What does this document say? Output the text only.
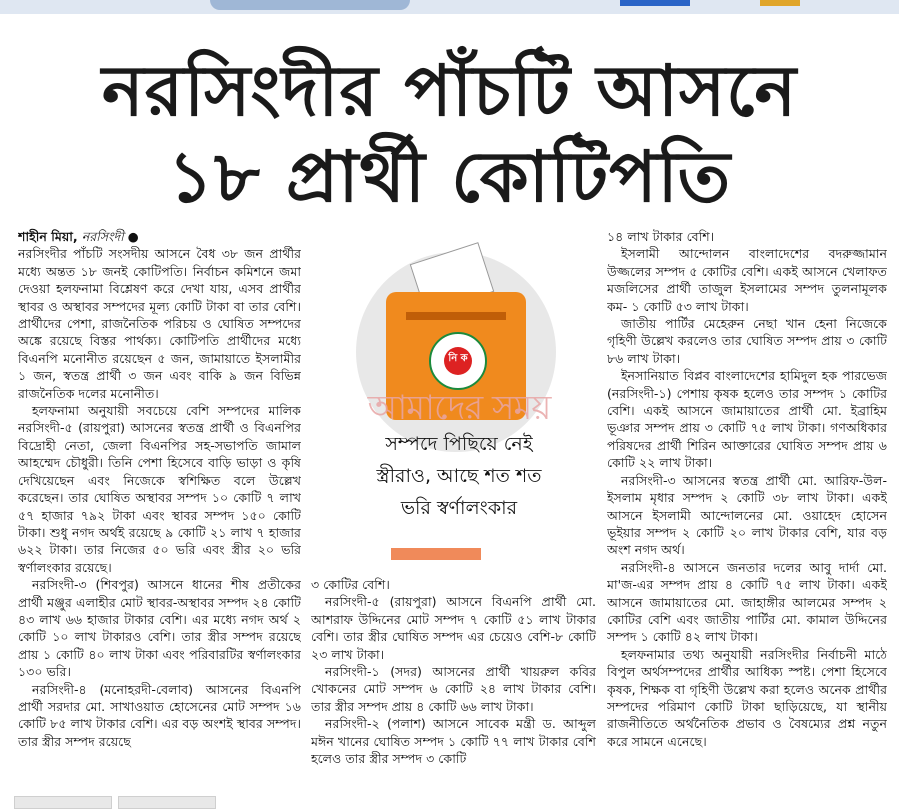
নরসিংদীর পাঁচটি আসনে
১৮ প্রার্থী কোটিপতি

শাহীন মিয়া, নরসিংদী ●

নরসিংদীর পাঁচটি সংসদীয় আসনে বৈধ ৩৮ জন প্রার্থীর মধ্যে অন্তত ১৮ জনই কোটিপতি। নির্বাচন কমিশনে জমা দেওয়া হলফনামা বিশ্লেষণ করে দেখা যায়, এসব প্রার্থীর স্থাবর ও অস্থাবর সম্পদের মূল্য কোটি টাকা বা তার বেশি। প্রার্থীদের পেশা, রাজনৈতিক পরিচয় ও ঘোষিত সম্পদের অঙ্কে রয়েছে বিস্তর পার্থক্য। কোটিপতি প্রার্থীদের মধ্যে বিএনপি মনোনীত রয়েছেন ৫ জন, জামায়াতে ইসলামীর ১ জন, স্বতন্ত্র প্রার্থী ৩ জন এবং বাকি ৯ জন বিভিন্ন রাজনৈতিক দলের মনোনীত।

হলফনামা অনুযায়ী সবচেয়ে বেশি সম্পদের মালিক নরসিংদী-৫ (রায়পুরা) আসনের স্বতন্ত্র প্রার্থী ও বিএনপির বিদ্রোহী নেতা, জেলা বিএনপির সহ-সভাপতি জামাল আহম্মেদ চৌধুরী। তিনি পেশা হিসেবে বাড়ি ভাড়া ও কৃষি দেখিয়েছেন এবং নিজেকে স্বশিক্ষিত বলে উল্লেখ করেছেন। তার ঘোষিত অস্থাবর সম্পদ ১০ কোটি ৭ লাখ ৫৭ হাজার ৭৯২ টাকা এবং স্থাবর সম্পদ ১৫০ কোটি টাকা। শুধু নগদ অর্থই রয়েছে ৯ কোটি ২১ লাখ ৭ হাজার ৬২২ টাকা। তার নিজের ৫০ ভরি এবং স্ত্রীর ২০ ভরি স্বর্ণালংকার রয়েছে।

নরসিংদী-৩ (শিবপুর) আসনে ধানের শীষ প্রতীকের প্রার্থী মঞ্জুর এলাহীর মোট স্থাবর-অস্থাবর সম্পদ ২৪ কোটি ৪৩ লাখ ৬৬ হাজার টাকার বেশি। এর মধ্যে নগদ অর্থ ২ কোটি ১০ লাখ টাকারও বেশি। তার স্ত্রীর সম্পদ রয়েছে প্রায় ১ কোটি ৪০ লাখ টাকা এবং পরিবারটির স্বর্ণালংকার ১৩০ ভরি।

নরসিংদী-৪ (মনোহরদী-বেলাব) আসনের বিএনপি প্রার্থী সরদার মো. সাখাওয়াত হোসেনের মোট সম্পদ ১৬ কোটি ৮৫ লাখ টাকার বেশি। এর বড় অংশই স্থাবর সম্পদ। তার স্ত্রীর সম্পদ রয়েছে

নি ক
আমাদের সময়
সম্পদে পিছিয়ে নেই
স্ত্রীরাও, আছে শত শত
ভরি স্বর্ণালংকার

৩ কোটির বেশি।

নরসিংদী-৫ (রায়পুরা) আসনে বিএনপি প্রার্থী মো. আশরাফ উদ্দিনের মোট সম্পদ ৭ কোটি ৫১ লাখ টাকার বেশি। তার স্ত্রীর ঘোষিত সম্পদ এর চেয়েও বেশি-৮ কোটি ২৩ লাখ টাকা।

নরসিংদী-১ (সদর) আসনের প্রার্থী খায়রুল কবির খোকনের মোট সম্পদ ৬ কোটি ২৪ লাখ টাকার বেশি। তার স্ত্রীর সম্পদ প্রায় ৪ কোটি ৬৬ লাখ টাকা।

নরসিংদী-২ (পলাশ) আসনে সাবেক মন্ত্রী ড. আব্দুল মঈন খানের ঘোষিত সম্পদ ১ কোটি ৭৭ লাখ টাকার বেশি হলেও তার স্ত্রীর সম্পদ ৩ কোটি

১৪ লাখ টাকার বেশি।

ইসলামী আন্দোলন বাংলাদেশের বদরুজ্জামান উজ্জলের সম্পদ ৫ কোটির বেশি। একই আসনে খেলাফত মজলিসের প্রার্থী তাজুল ইসলামের সম্পদ তুলনামূলক কম- ১ কোটি ৫৩ লাখ টাকা।

জাতীয় পার্টির মেহেরুন নেছা খান হেনা নিজেকে গৃহিণী উল্লেখ করলেও তার ঘোষিত সম্পদ প্রায় ৩ কোটি ৮৬ লাখ টাকা।

ইনসানিয়াত বিপ্লব বাংলাদেশের হামিদুল হক পারভেজ (নরসিংদী-১) পেশায় কৃষক হলেও তার সম্পদ ১ কোটির বেশি। একই আসনে জামায়াতের প্রার্থী মো. ইব্রাহিম ভূঞার সম্পদ প্রায় ৩ কোটি ৭৫ লাখ টাকা। গণঅধিকার পরিষদের প্রার্থী শিরিন আক্তারের ঘোষিত সম্পদ প্রায় ৬ কোটি ২২ লাখ টাকা।

নরসিংদী-৩ আসনের স্বতন্ত্র প্রার্থী মো. আরিফ-উল-ইসলাম মৃধার সম্পদ ২ কোটি ৩৮ লাখ টাকা। একই আসনে ইসলামী আন্দোলনের মো. ওয়াহেদ হোসেন ভূইয়ার সম্পদ ২ কোটি ২০ লাখ টাকার বেশি, যার বড় অংশ নগদ অর্থ।

নরসিংদী-৪ আসনে জনতার দলের আবু দার্দা মো. মা'জ-এর সম্পদ প্রায় ৪ কোটি ৭৫ লাখ টাকা। একই আসনে জামায়াতের মো. জাহাঙ্গীর আলমের সম্পদ ২ কোটির বেশি এবং জাতীয় পার্টির মো. কামাল উদ্দিনের সম্পদ ১ কোটি ৪২ লাখ টাকা।

হলফনামার তথ্য অনুযায়ী নরসিংদীর নির্বাচনী মাঠে বিপুল অর্থসম্পদের প্রার্থীর আধিক্য স্পষ্ট। পেশা হিসেবে কৃষক, শিক্ষক বা গৃহিণী উল্লেখ করা হলেও অনেক প্রার্থীর সম্পদের পরিমাণ কোটি টাকা ছাড়িয়েছে, যা স্থানীয় রাজনীতিতে অর্থনৈতিক প্রভাব ও বৈষম্যের প্রশ্ন নতুন করে সামনে এনেছে।
